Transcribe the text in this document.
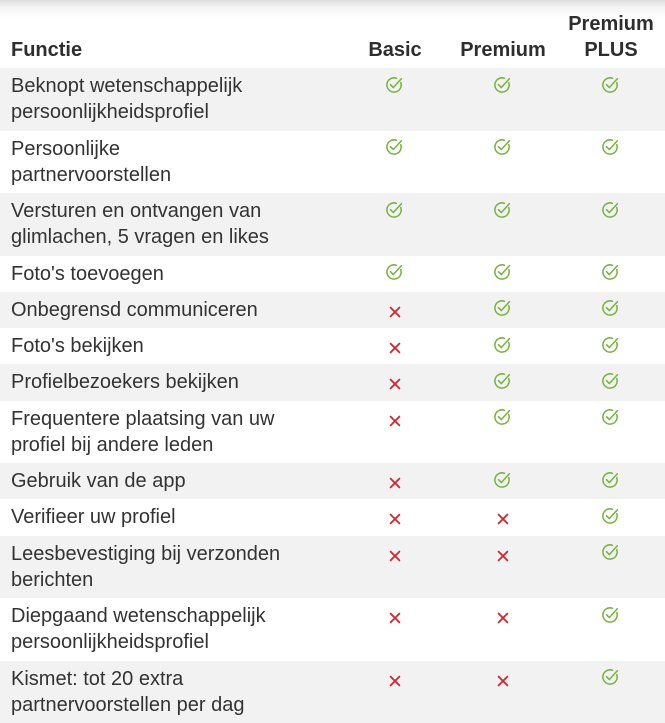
Functie	Basic	Premium
Premium
PLUS
Beknopt wetenschappelijk
persoonlijkheidsprofiel
Persoonlijke
partnervoorstellen
Versturen en ontvangen van
glimlachen, 5 vragen en likes
Foto's toevoegen
Onbegrensd communiceren
Foto's bekijken
Profielbezoekers bekijken
Frequentere plaatsing van uw
profiel bij andere leden
Gebruik van de app
Verifieer uw profiel
Leesbevestiging bij verzonden
berichten
Diepgaand wetenschappelijk
persoonlijkheidsprofiel
Kismet: tot 20 extra
partnervoorstellen per dag
